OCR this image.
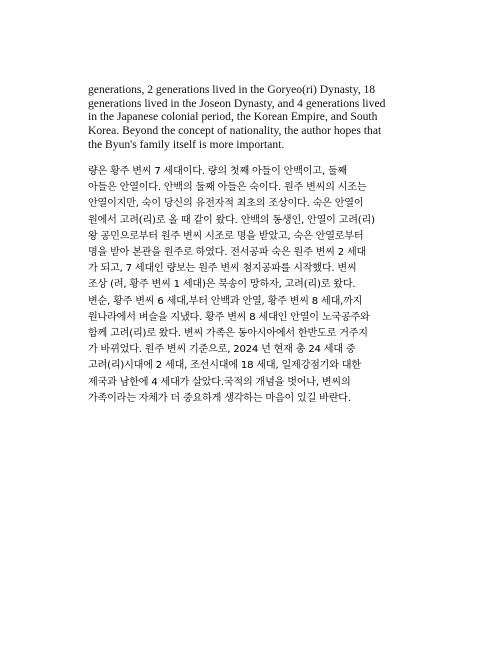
generations, 2 generations lived in the Goryeo(ri) Dynasty, 18
generations lived in the Joseon Dynasty, and 4 generations lived
in the Japanese colonial period, the Korean Empire, and South
Korea. Beyond the concept of nationality, the author hopes that
the Byun's family itself is more important.
량은 황주 변씨 7 세대이다. 량의 첫째 아들이 안백이고, 둘째
아들은 안열이다. 안백의 둘째 아들은 숙이다. 원주 변씨의 시조는
안열이지만, 숙이 당신의 유전자적 최초의 조상이다. 숙은 안열이
원에서 고려(리)로 올 때 같이 왔다. 안백의 동생인, 안열이 고려(리)
왕 공민으로부터 원주 변씨 시조로 명을 받았고, 숙은 안열로부터
명을 받아 본관을 원주로 하였다. 전서공파 숙은 원주 변씨 2 세대
가 되고, 7 세대인 량보는 원주 변씨 첨지공파를 시작했다. 변씨
조상 (려, 황주 변씨 1 세대)은 북송이 망하자, 고려(리)로 왔다.
변순, 황주 변씨 6 세대,부터 안백과 안열, 황주 변씨 8 세대,까지
원나라에서 벼슬을 지냈다. 황주 변씨 8 세대인 안열이 노국공주와
함께 고려(리)로 왔다. 변씨 가족은 동아시아에서 한반도로 거주지
가 바뀌었다. 원주 변씨 기준으로, 2024 년 현재 총 24 세대 중
고려(리)시대에 2 세대, 조선시대에 18 세대, 일제강점기와 대한
제국과 남한에 4 세대가 살았다.국적의 개념을 벗어나, 변씨의
가족이라는 자체가 더 중요하게 생각하는 마음이 있길 바란다.
